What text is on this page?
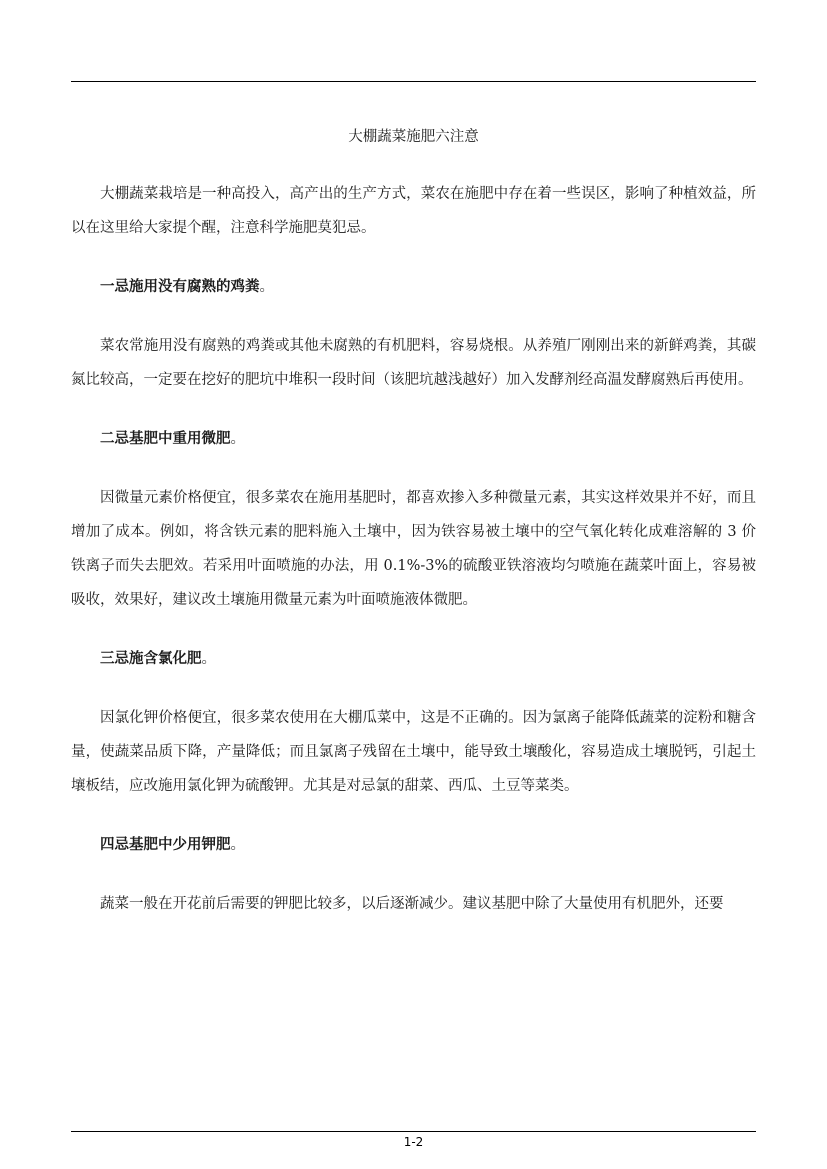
大棚蔬菜施肥六注意

大棚蔬菜栽培是一种高投入，高产出的生产方式，菜农在施肥中存在着一些误区，影响了种植效益，所以在这里给大家提个醒，注意科学施肥莫犯忌。

一忌施用没有腐熟的鸡粪。

菜农常施用没有腐熟的鸡粪或其他未腐熟的有机肥料，容易烧根。从养殖厂刚刚出来的新鲜鸡粪，其碳氮比较高，一定要在挖好的肥坑中堆积一段时间（该肥坑越浅越好）加入发酵剂经高温发酵腐熟后再使用。

二忌基肥中重用微肥。

因微量元素价格便宜，很多菜农在施用基肥时，都喜欢掺入多种微量元素，其实这样效果并不好，而且增加了成本。例如，将含铁元素的肥料施入土壤中，因为铁容易被土壤中的空气氧化转化成难溶解的 3 价铁离子而失去肥效。若采用叶面喷施的办法，用 0.1%-3%的硫酸亚铁溶液均匀喷施在蔬菜叶面上，容易被吸收，效果好，建议改土壤施用微量元素为叶面喷施液体微肥。

三忌施含氯化肥。

因氯化钾价格便宜，很多菜农使用在大棚瓜菜中，这是不正确的。因为氯离子能降低蔬菜的淀粉和糖含量，使蔬菜品质下降，产量降低；而且氯离子残留在土壤中，能导致土壤酸化，容易造成土壤脱钙，引起土壤板结，应改施用氯化钾为硫酸钾。尤其是对忌氯的甜菜、西瓜、土豆等菜类。

四忌基肥中少用钾肥。

蔬菜一般在开花前后需要的钾肥比较多，以后逐渐减少。建议基肥中除了大量使用有机肥外，还要

1-2
